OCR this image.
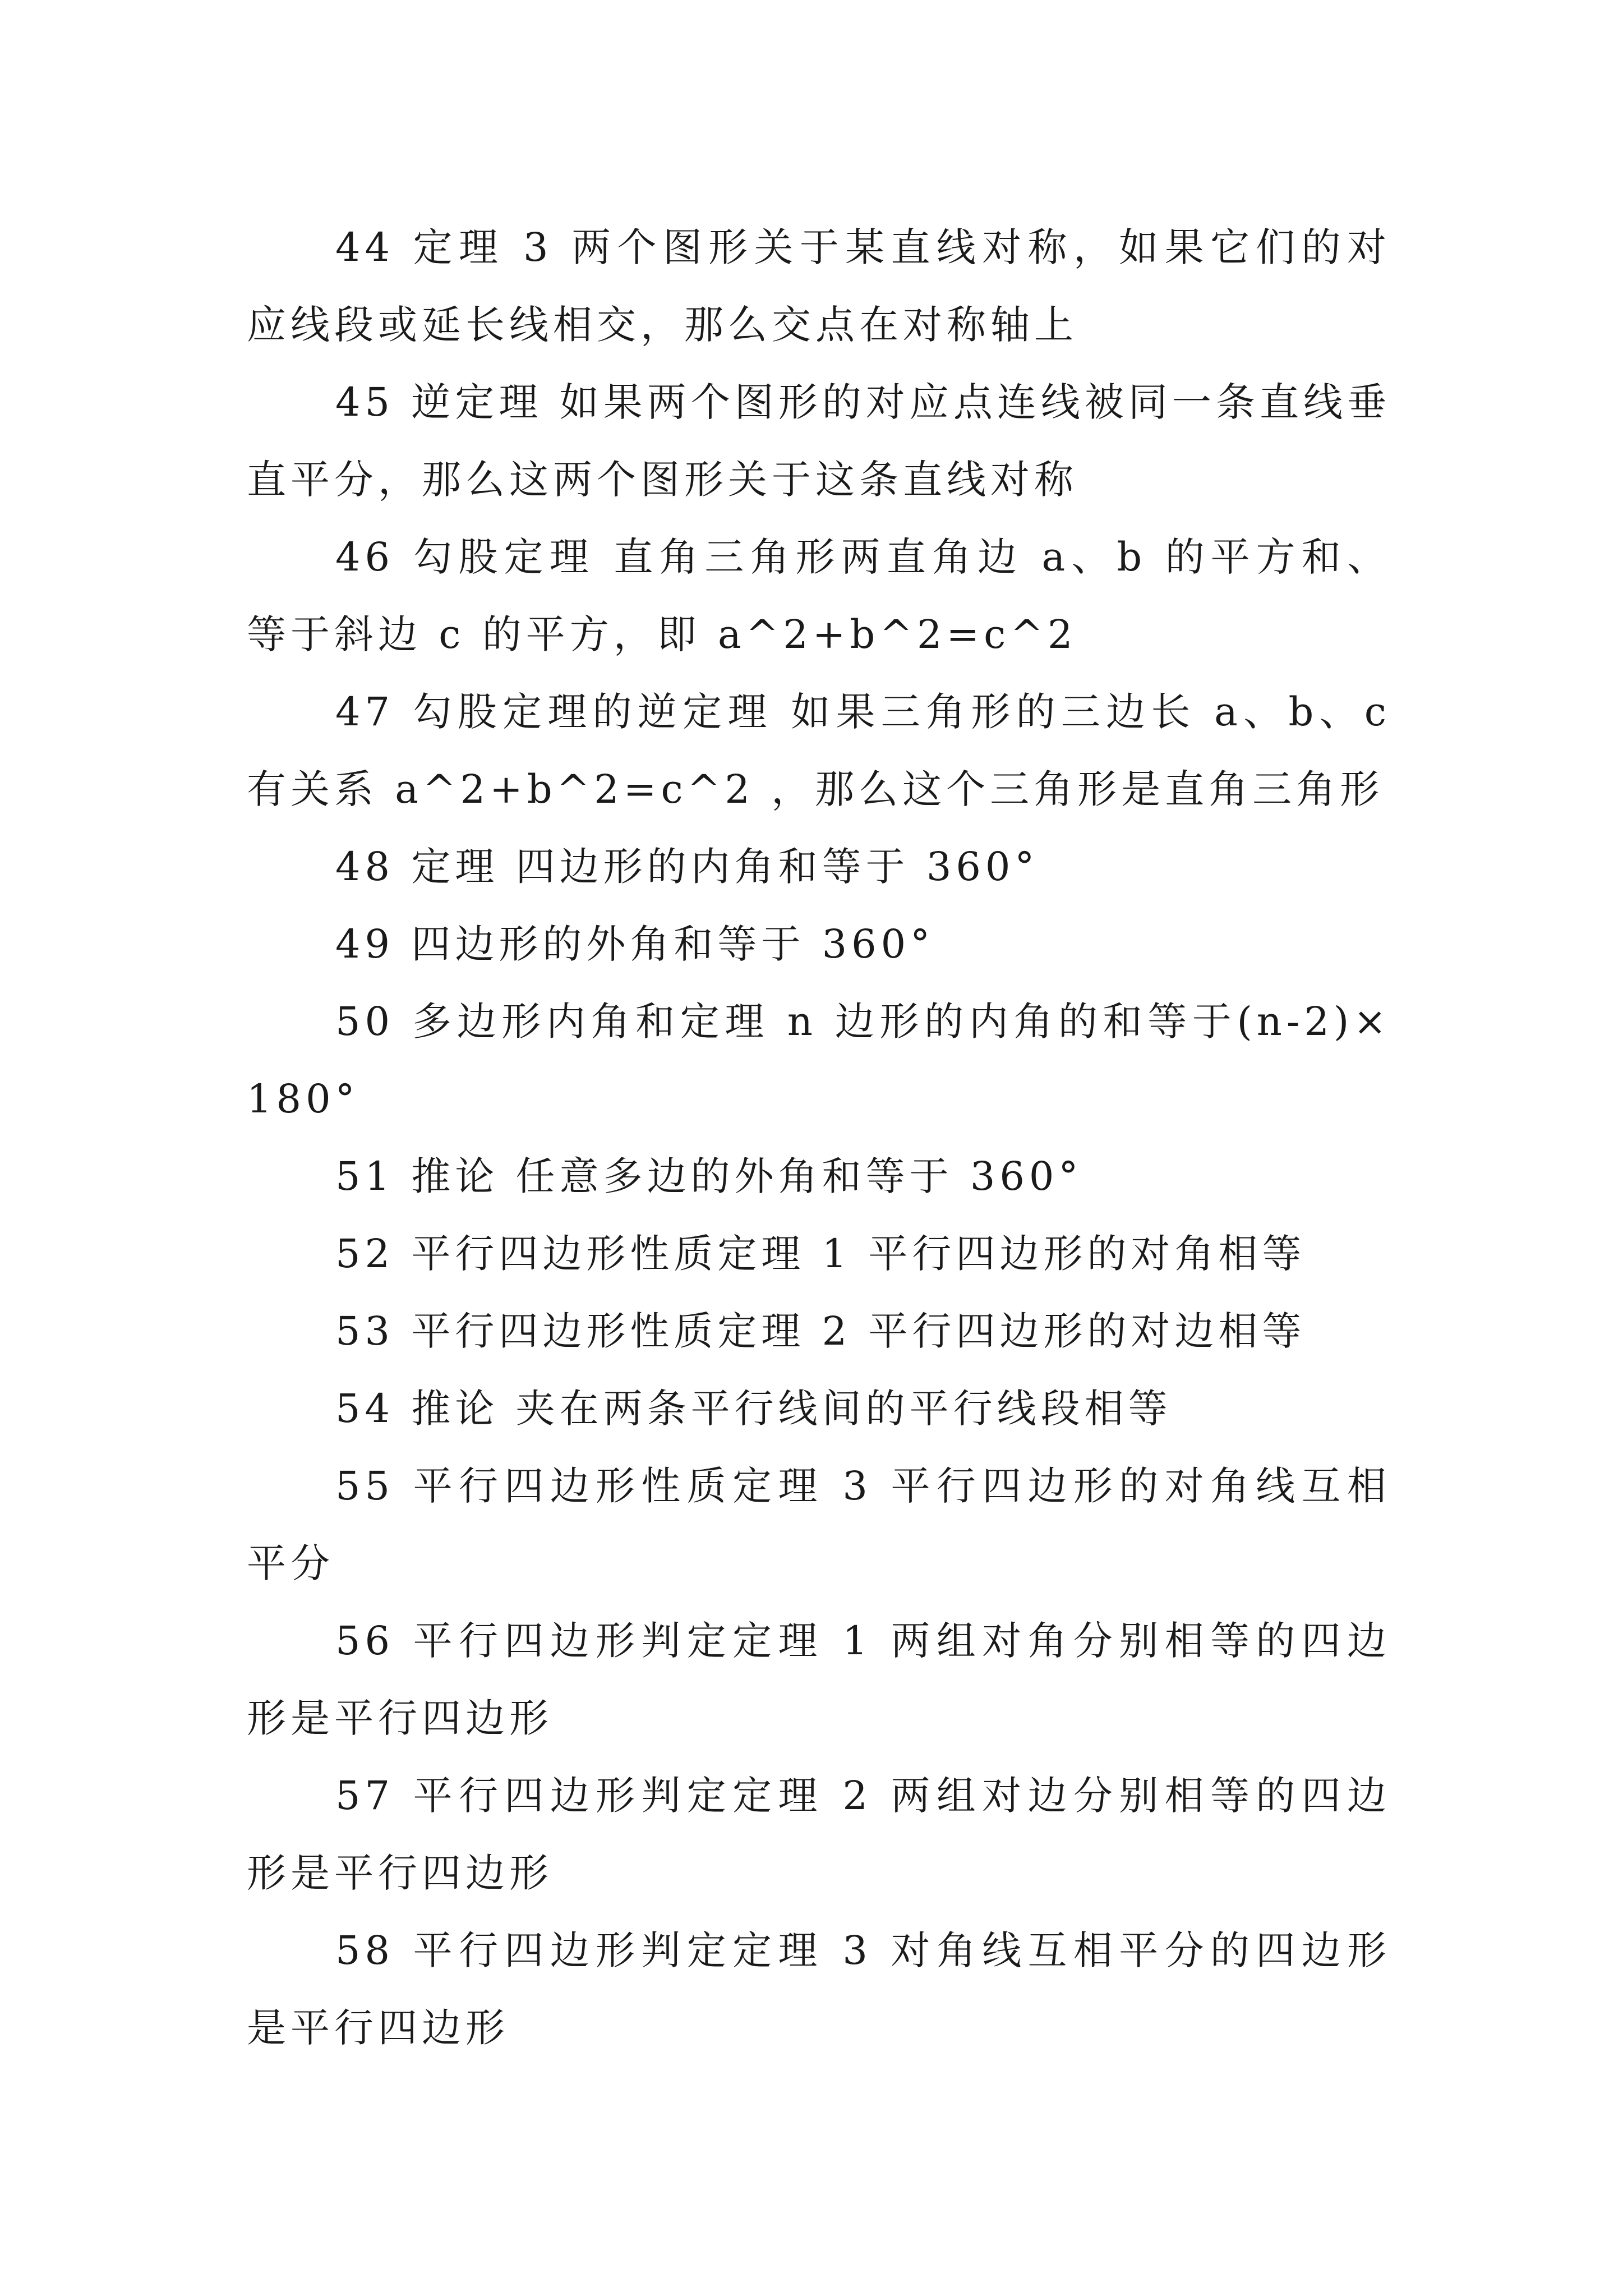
44 定理 3 两个图形关于某直线对称，如果它们的对应线段或延长线相交，那么交点在对称轴上

45 逆定理 如果两个图形的对应点连线被同一条直线垂直平分，那么这两个图形关于这条直线对称

46 勾股定理 直角三角形两直角边 a、b 的平方和、等于斜边 c 的平方，即 a^2+b^2=c^2

47 勾股定理的逆定理 如果三角形的三边长 a、b、c 有关系 a^2+b^2=c^2 ，那么这个三角形是直角三角形

48 定理 四边形的内角和等于 360°

49 四边形的外角和等于 360°

50 多边形内角和定理 n 边形的内角的和等于(n-2)×180°

51 推论 任意多边的外角和等于 360°

52 平行四边形性质定理 1 平行四边形的对角相等

53 平行四边形性质定理 2 平行四边形的对边相等

54 推论 夹在两条平行线间的平行线段相等

55 平行四边形性质定理 3 平行四边形的对角线互相平分

56 平行四边形判定定理 1 两组对角分别相等的四边形是平行四边形

57 平行四边形判定定理 2 两组对边分别相等的四边形是平行四边形

58 平行四边形判定定理 3 对角线互相平分的四边形是平行四边形
